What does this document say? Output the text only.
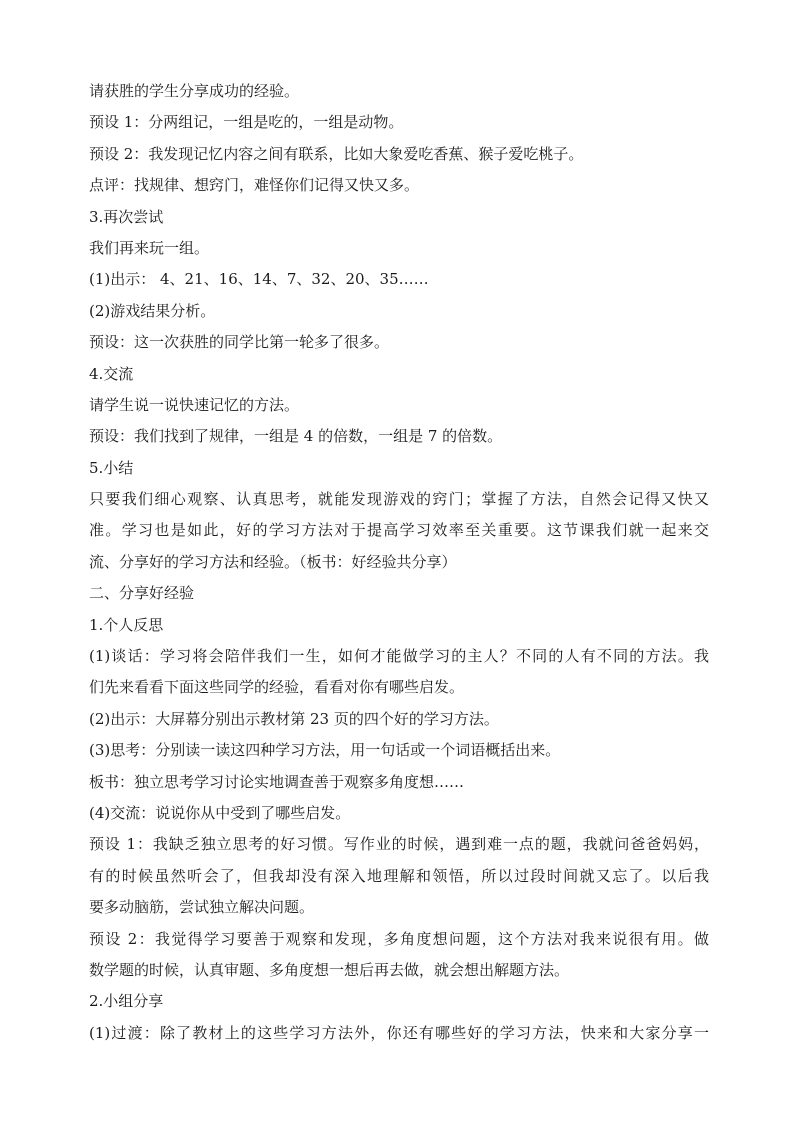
请获胜的学生分享成功的经验。
预设 1：分两组记，一组是吃的，一组是动物。
预设 2：我发现记忆内容之间有联系，比如大象爱吃香蕉、猴子爱吃桃子。
点评：找规律、想窍门，难怪你们记得又快又多。
3.再次尝试
我们再来玩一组。
(1)出示： 4、21、16、14、7、32、20、35……
(2)游戏结果分析。
预设：这一次获胜的同学比第一轮多了很多。
4.交流
请学生说一说快速记忆的方法。
预设：我们找到了规律，一组是 4 的倍数，一组是 7 的倍数。
5.小结
只要我们细心观察、认真思考，就能发现游戏的窍门；掌握了方法，自然会记得又快又
准。学习也是如此，好的学习方法对于提高学习效率至关重要。这节课我们就一起来交
流、分享好的学习方法和经验。（板书：好经验共分享）
二、分享好经验
1.个人反思
(1)谈话：学习将会陪伴我们一生，如何才能做学习的主人？不同的人有不同的方法。我
们先来看看下面这些同学的经验，看看对你有哪些启发。
(2)出示：大屏幕分别出示教材第 23 页的四个好的学习方法。
(3)思考：分别读一读这四种学习方法，用一句话或一个词语概括出来。
板书：独立思考学习讨论实地调查善于观察多角度想……
(4)交流：说说你从中受到了哪些启发。
预设 1：我缺乏独立思考的好习惯。写作业的时候，遇到难一点的题，我就问爸爸妈妈，
有的时候虽然听会了，但我却没有深入地理解和领悟，所以过段时间就又忘了。以后我
要多动脑筋，尝试独立解决问题。
预设 2：我觉得学习要善于观察和发现，多角度想问题，这个方法对我来说很有用。做
数学题的时候，认真审题、多角度想一想后再去做，就会想出解题方法。
2.小组分享
(1)过渡：除了教材上的这些学习方法外，你还有哪些好的学习方法，快来和大家分享一
